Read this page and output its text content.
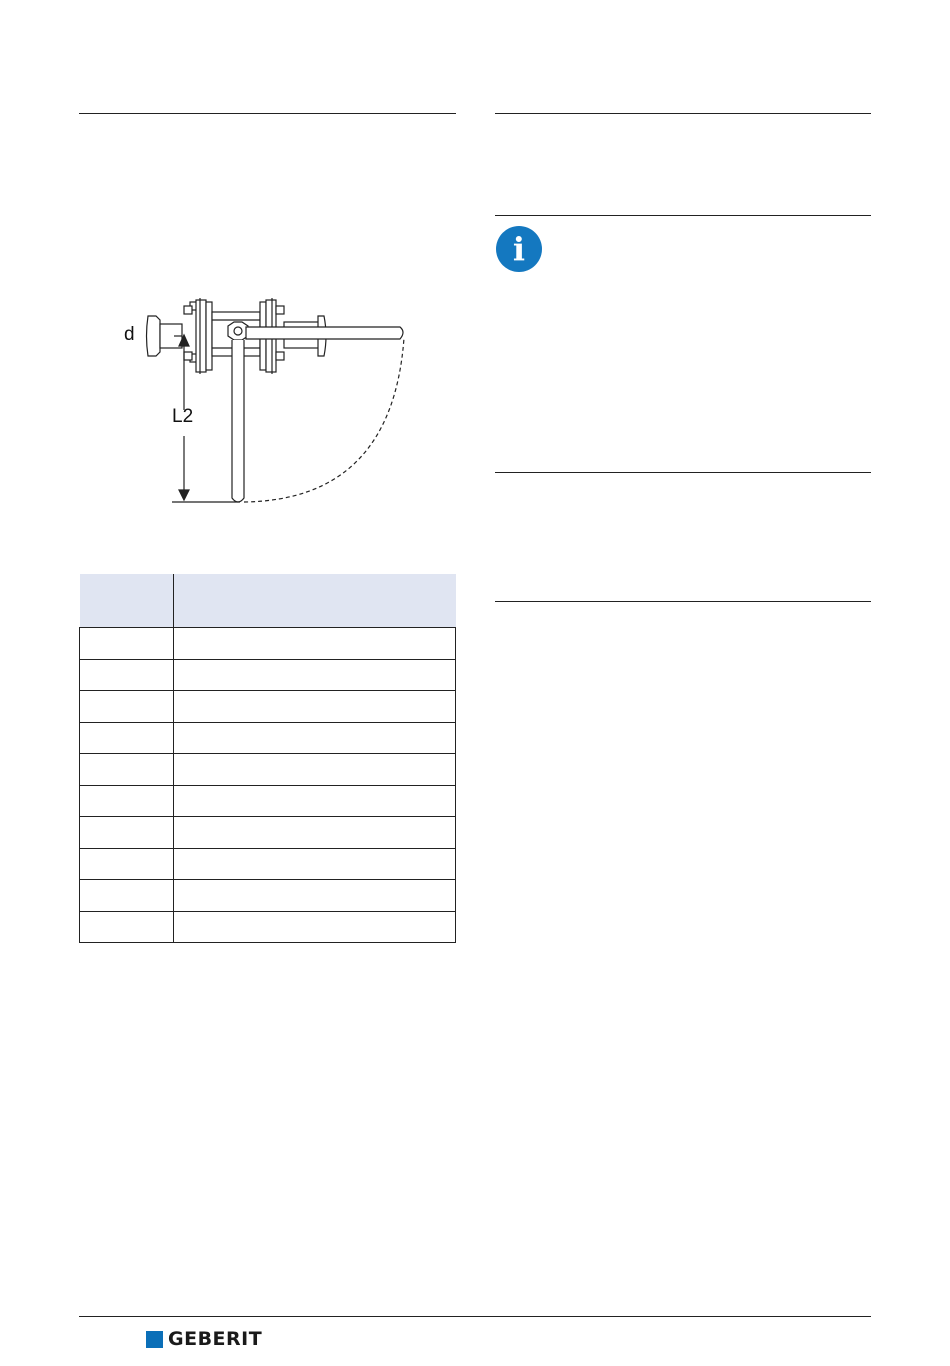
i
d
L2

GEBERIT
